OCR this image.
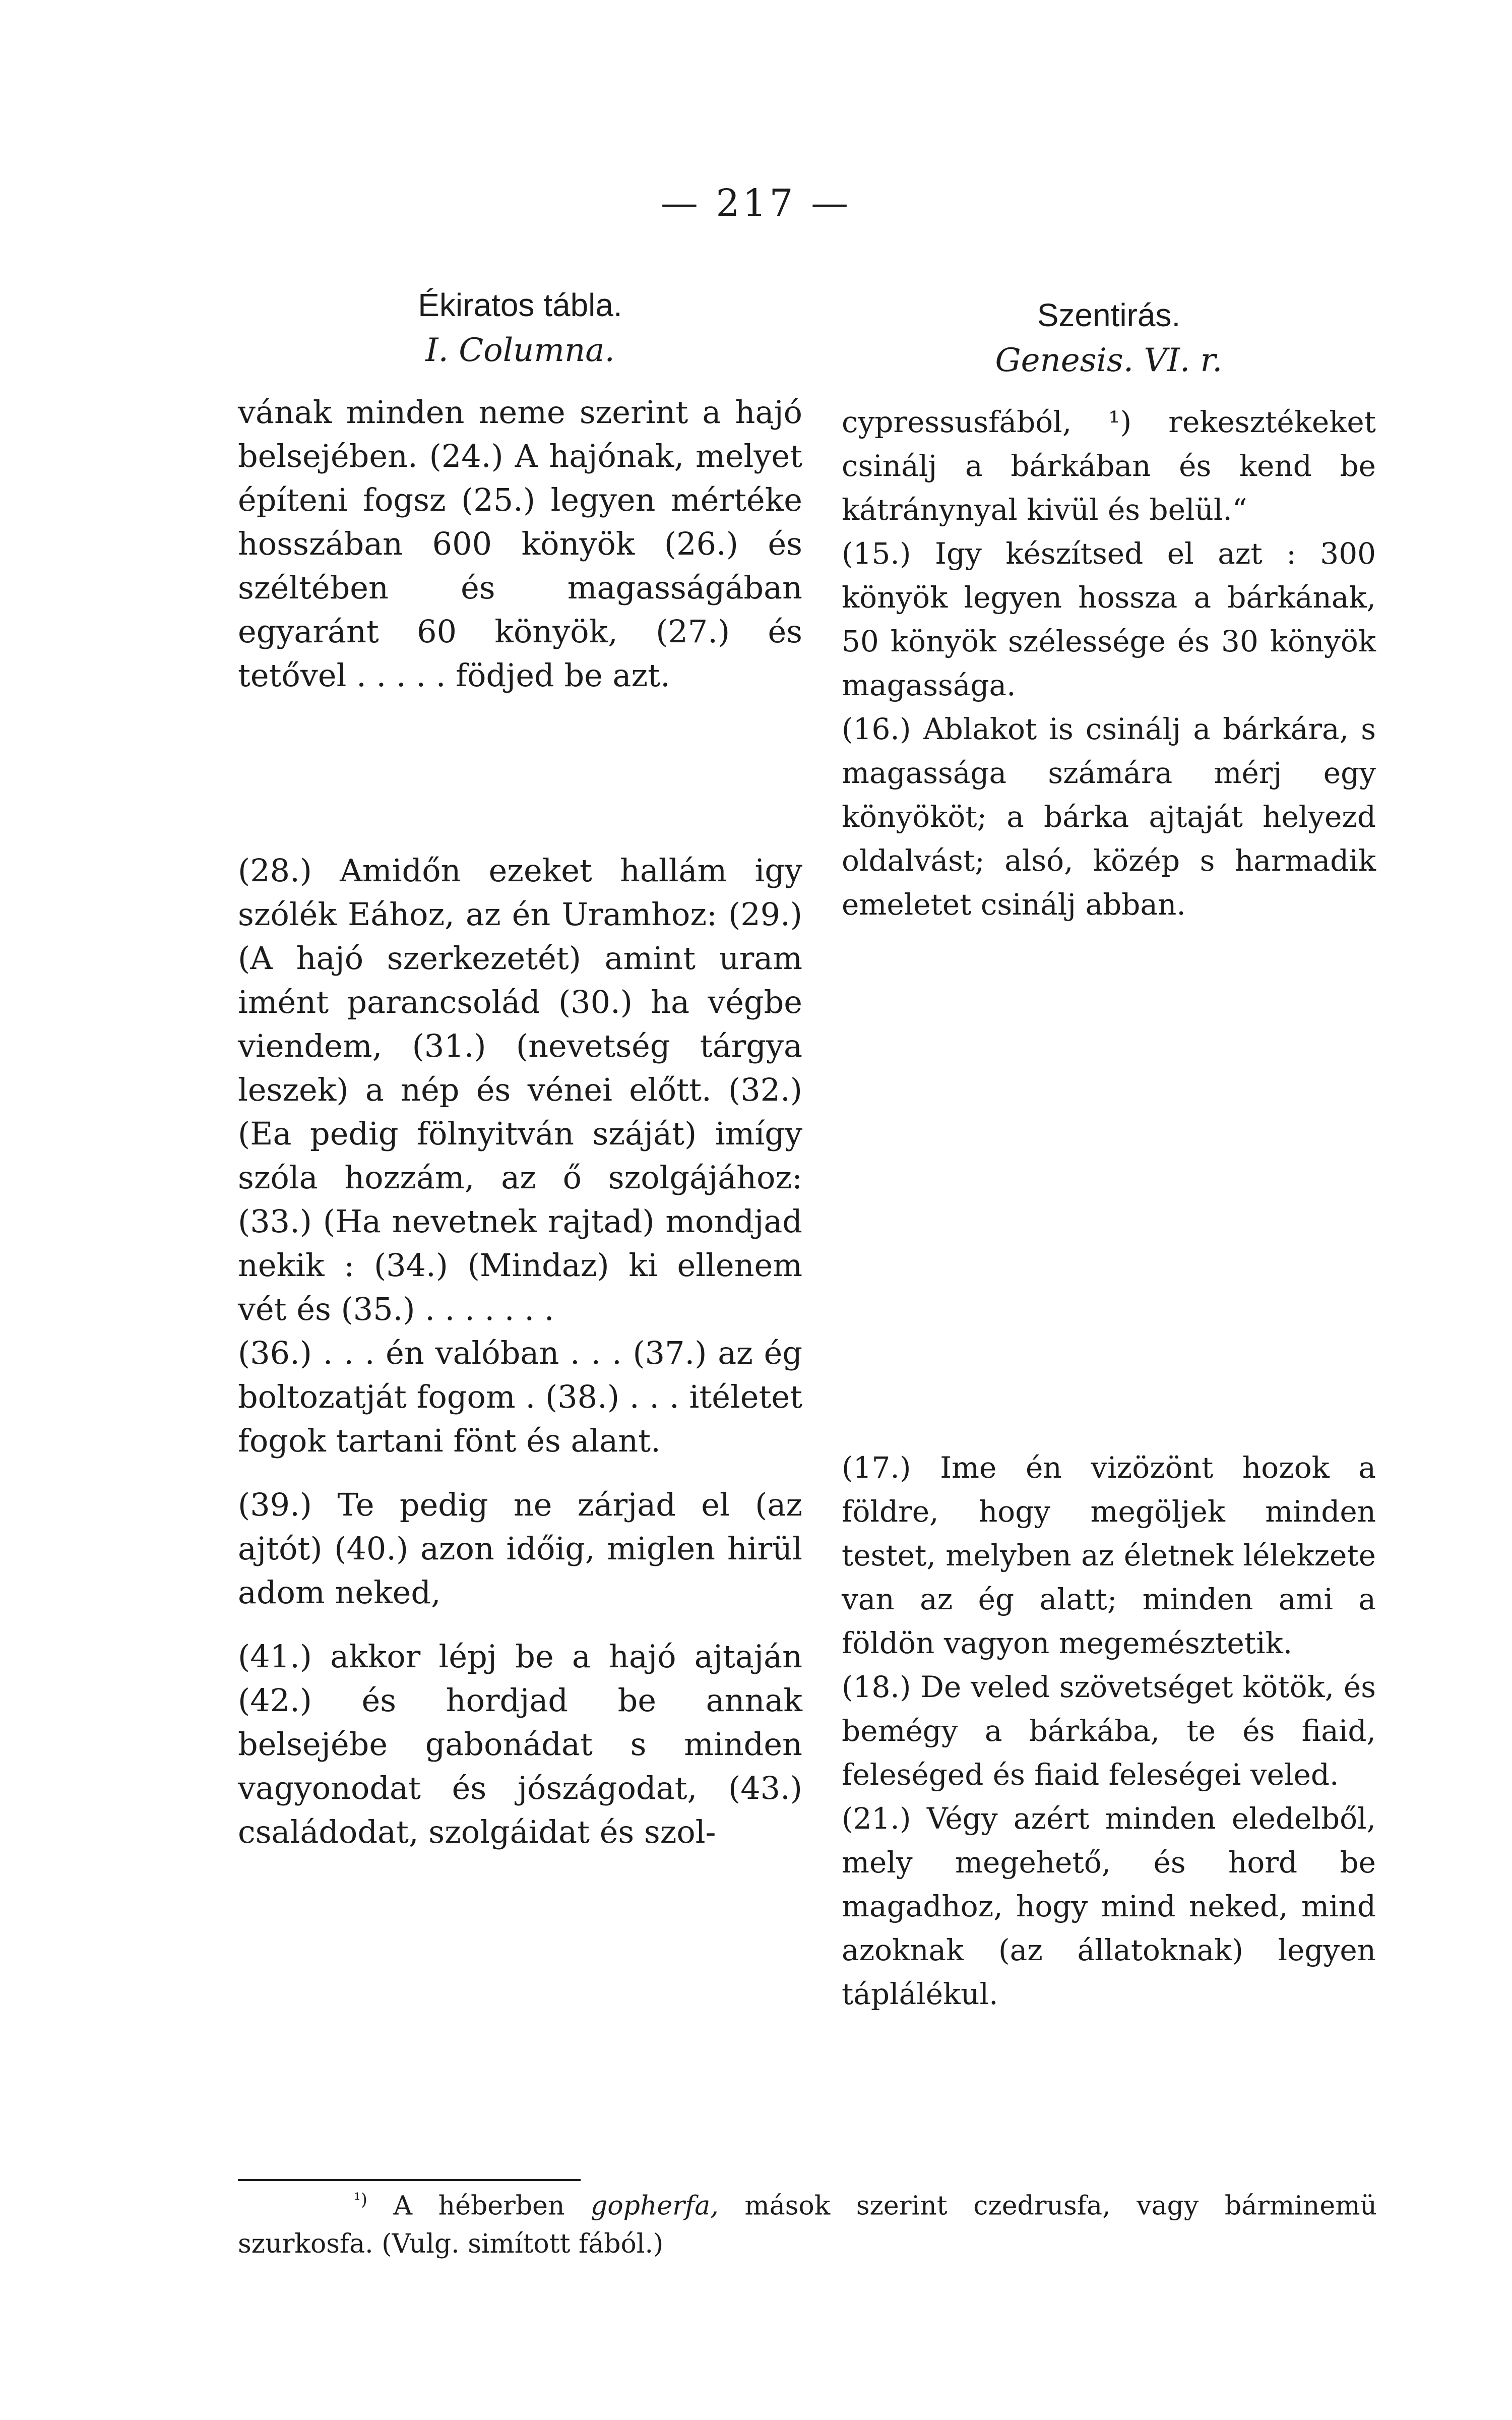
— 217 —
Ékiratos tábla.
I. Columna.

vának minden neme szerint a hajó belsejében. (24.) A hajónak, melyet építeni fogsz (25.) legyen mértéke hosszában 600 könyök (26.) és széltében és magasságában egyaránt 60 könyök, (27.) és tetővel . . . . . födjed be azt.

(28.) Amidőn ezeket hallám igy szólék Eához, az én Uramhoz: (29.) (A hajó szerkezetét) amint uram imént parancsolád (30.) ha végbe viendem, (31.) (nevetség tárgya leszek) a nép és vénei előtt. (32.) (Ea pedig fölnyitván száját) imígy szóla hozzám, az ő szolgájához: (33.) (Ha nevetnek rajtad) mondjad nekik : (34.) (Mindaz) ki ellenem vét és (35.) . . . . . . .

(36.) . . . én valóban . . . (37.) az ég boltozatját fogom . (38.) . . . itéletet fogok tartani fönt és alant.

(39.) Te pedig ne zárjad el (az ajtót) (40.) azon időig, miglen hirül adom neked,

(41.) akkor lépj be a hajó ajtaján (42.) és hordjad be annak belsejébe gabonádat s minden vagyonodat és jószágodat, (43.) családodat, szolgáidat és szol-

Szentirás.
Genesis. VI. r.

cypressusfából, ¹) rekesztékeket csinálj a bárkában és kend be kátránynyal kivül és belül.“

(15.) Igy készítsed el azt : 300 könyök legyen hossza a bárkának, 50 könyök szélessége és 30 könyök magassága.

(16.) Ablakot is csinálj a bárkára, s magassága számára mérj egy könyököt; a bárka ajtaját helyezd oldalvást; alsó, közép s harmadik emeletet csinálj abban.

(17.) Ime én vizözönt hozok a földre, hogy megöljek minden testet, melyben az életnek lélekzete van az ég alatt; minden ami a földön vagyon megemésztetik.

(18.) De veled szövetséget kötök, és bemégy a bárkába, te és fiaid, feleséged és fiaid feleségei veled.

(21.) Végy azért minden eledelből, mely megehető, és hord be magadhoz, hogy mind neked, mind azoknak (az állatoknak) legyen táplálékul.

$^{^1)}$ A héberben gopherfa, mások szerint czedrusfa, vagy bárminemü szurkosfa. (Vulg. simított fából.)
